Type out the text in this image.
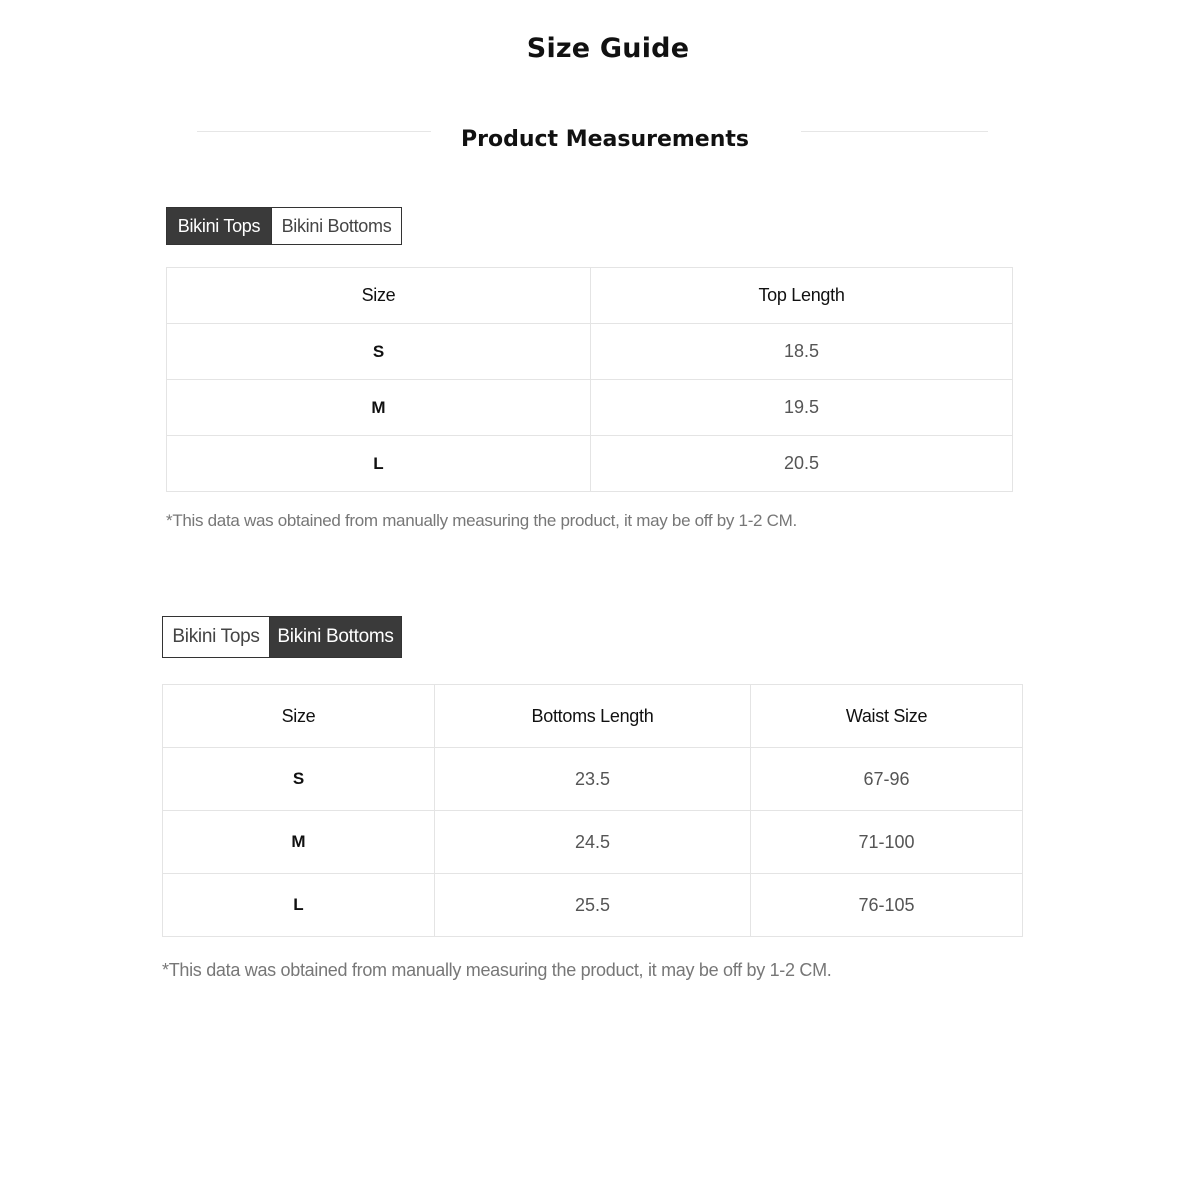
Size Guide
Product Measurements
Bikini Tops	Bikini Bottoms
Size	Top Length
S	18.5
M	19.5
L	20.5

*This data was obtained from manually measuring the product, it may be off by 1-2 CM.

Bikini Tops Bikini Bottoms
Size	Bottoms Length	Waist Size
S	23.5	67-96
M	24.5	71-100
L	25.5	76-105

*This data was obtained from manually measuring the product, it may be off by 1-2 CM.
